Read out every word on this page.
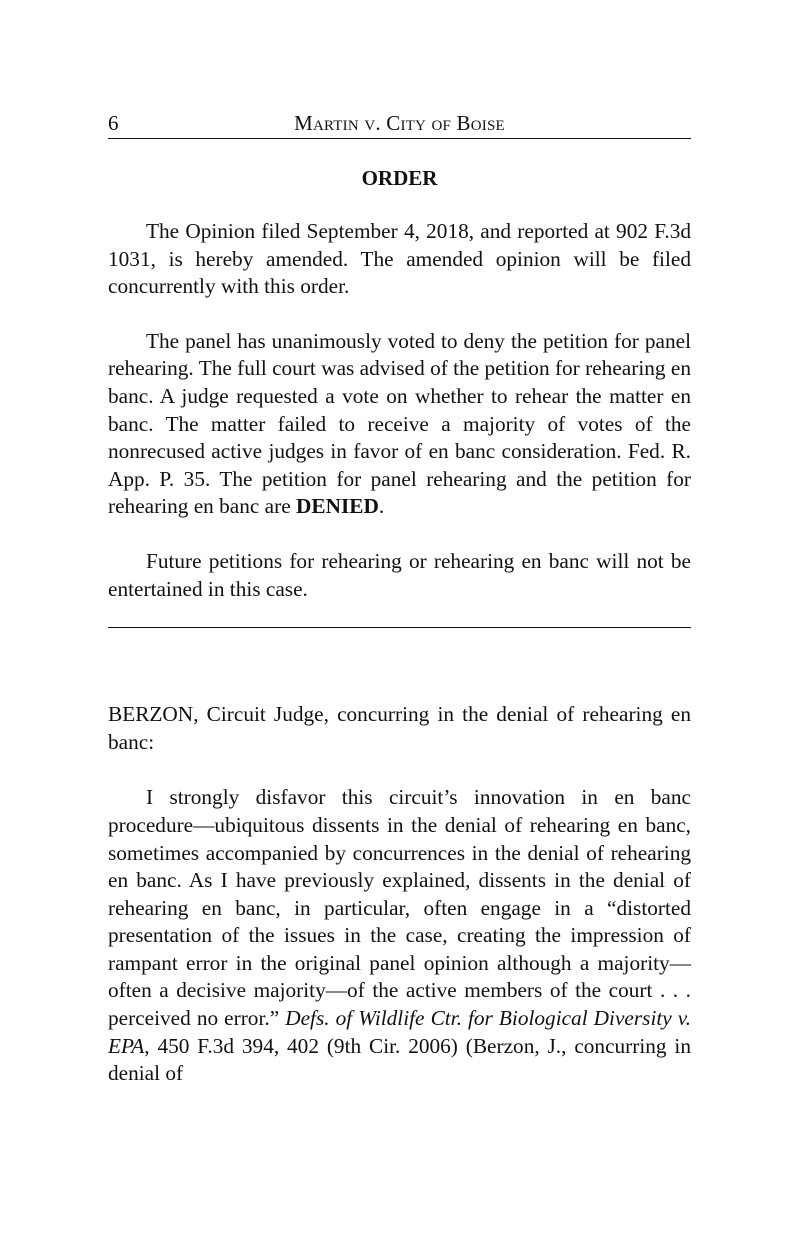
6	Martin v. City of Boise
ORDER

The Opinion filed September 4, 2018, and reported at 902 F.3d 1031, is hereby amended. The amended opinion will be filed concurrently with this order.

The panel has unanimously voted to deny the petition for panel rehearing. The full court was advised of the petition for rehearing en banc. A judge requested a vote on whether to rehear the matter en banc. The matter failed to receive a majority of votes of the nonrecused active judges in favor of en banc consideration. Fed. R. App. P. 35. The petition for panel rehearing and the petition for rehearing en banc are DENIED.

Future petitions for rehearing or rehearing en banc will not be entertained in this case.

BERZON, Circuit Judge, concurring in the denial of rehearing en banc:

I strongly disfavor this circuit’s innovation in en banc procedure—ubiquitous dissents in the denial of rehearing en banc, sometimes accompanied by concurrences in the denial of rehearing en banc. As I have previously explained, dissents in the denial of rehearing en banc, in particular, often engage in a “distorted presentation of the issues in the case, creating the impression of rampant error in the original panel opinion although a majority—often a decisive majority—of the active members of the court . . . perceived no error.” Defs. of Wildlife Ctr. for Biological Diversity v. EPA, 450 F.3d 394, 402 (9th Cir. 2006) (Berzon, J., concurring in denial of
